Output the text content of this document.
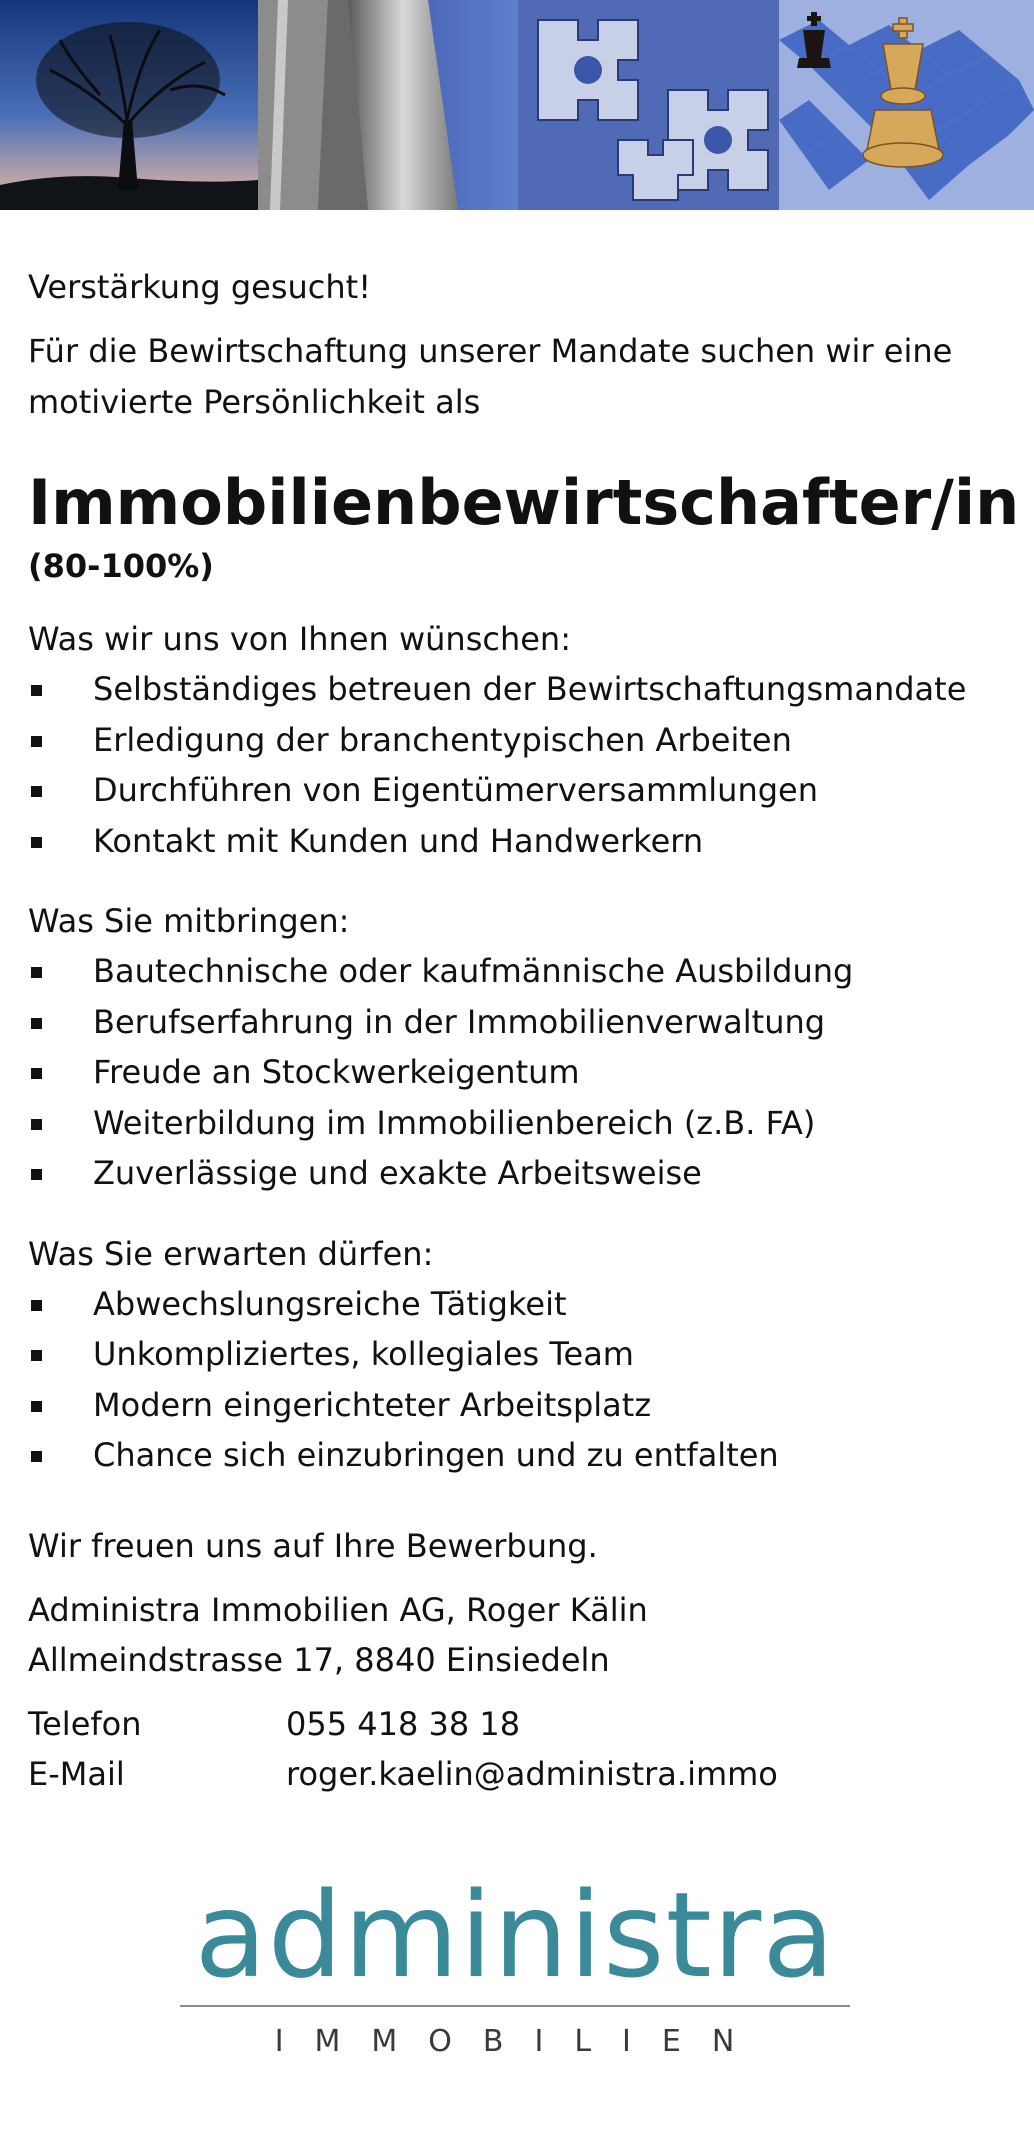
Verstärkung gesucht!

Für die Bewirtschaftung unserer Mandate suchen wir eine motivierte Persönlichkeit als

Immobilienbewirtschafter/in

(80-100%)

Was wir uns von Ihnen wünschen:

Selbständiges betreuen der Bewirtschaftungsmandate
Erledigung der branchentypischen Arbeiten
Durchführen von Eigentümerversammlungen
Kontakt mit Kunden und Handwerkern

Was Sie mitbringen:

Bautechnische oder kaufmännische Ausbildung
Berufserfahrung in der Immobilienverwaltung
Freude an Stockwerkeigentum
Weiterbildung im Immobilienbereich (z.B. FA)
Zuverlässige und exakte Arbeitsweise

Was Sie erwarten dürfen:

Abwechslungsreiche Tätigkeit
Unkompliziertes, kollegiales Team
Modern eingerichteter Arbeitsplatz
Chance sich einzubringen und zu entfalten

Wir freuen uns auf Ihre Bewerbung.

Administra Immobilien AG, Roger Kälin
Allmeindstrasse 17, 8840 Einsiedeln
Telefon	055 418 38 18
E-Mail	roger.kaelin@administra.immo
administra
IMMOBILIEN
